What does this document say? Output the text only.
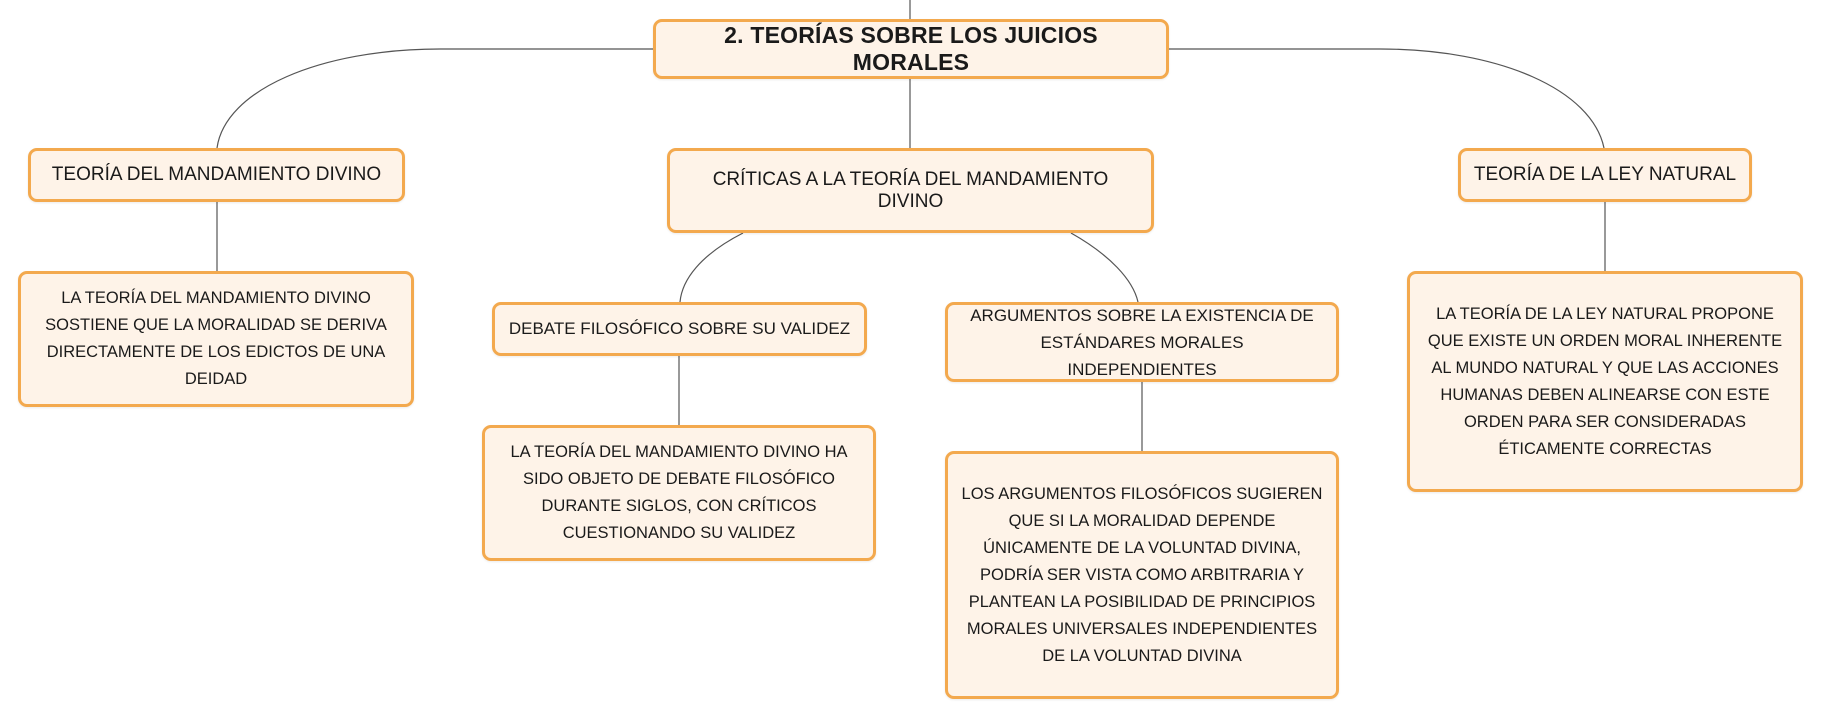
2. TEORÍAS SOBRE LOS JUICIOS MORALES
TEORÍA DEL MANDAMIENTO DIVINO	CRÍTICAS A LA TEORÍA DEL MANDAMIENTO DIVINO
TEORÍA DE LA LEY NATURAL
LA TEORÍA DEL MANDAMIENTO DIVINO SOSTIENE QUE LA MORALIDAD SE DERIVA DIRECTAMENTE DE LOS EDICTOS DE UNA DEIDAD
DEBATE FILOSÓFICO SOBRE SU VALIDEZ
ARGUMENTOS SOBRE LA EXISTENCIA DE ESTÁNDARES MORALES INDEPENDIENTES
LA TEORÍA DEL MANDAMIENTO DIVINO HA SIDO OBJETO DE DEBATE FILOSÓFICO DURANTE SIGLOS, CON CRÍTICOS CUESTIONANDO SU VALIDEZ
LOS ARGUMENTOS FILOSÓFICOS SUGIEREN QUE SI LA MORALIDAD DEPENDE ÚNICAMENTE DE LA VOLUNTAD DIVINA, PODRÍA SER VISTA COMO ARBITRARIA Y PLANTEAN LA POSIBILIDAD DE PRINCIPIOS MORALES UNIVERSALES INDEPENDIENTES DE LA VOLUNTAD DIVINA
LA TEORÍA DE LA LEY NATURAL PROPONE QUE EXISTE UN ORDEN MORAL INHERENTE AL MUNDO NATURAL Y QUE LAS ACCIONES HUMANAS DEBEN ALINEARSE CON ESTE ORDEN PARA SER CONSIDERADAS ÉTICAMENTE CORRECTAS
